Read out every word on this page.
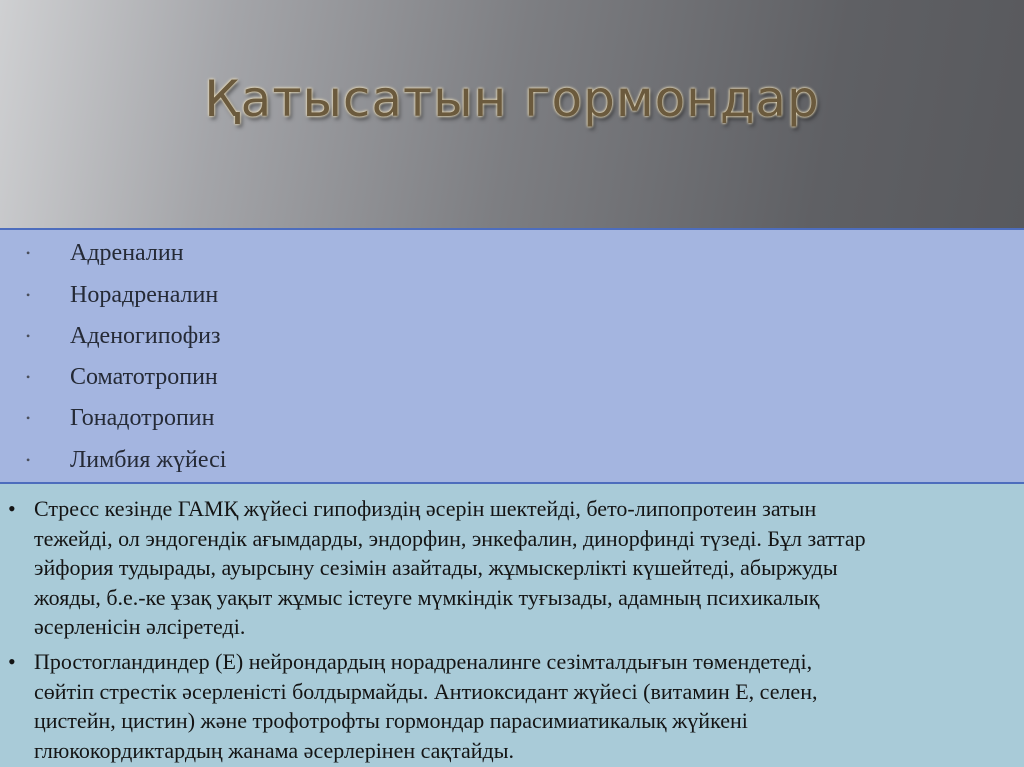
Қатысатын гормондар
• Адреналин
• Норадреналин
• Аденогипофиз
• Соматотропин
• Гонадотропин
• Лимбия жүйесі
• Стресс кезінде ГАМҚ жүйесі гипофиздің әсерін шектейді, бето-липопротеин затын
тежейді, ол эндогендік ағымдарды, эндорфин, энкефалин, динорфинді түзеді. Бұл заттар
эйфория тудырады, ауырсыну сезімін азайтады, жұмыскерлікті күшейтеді, абыржуды
жояды, б.е.-ке ұзақ уақыт жұмыс істеуге мүмкіндік туғызады, адамның психикалық
әсерленісін әлсіретеді.

• Простогландиндер (Е) нейрондардың норадреналинге сезімталдығын төмендетеді,
сөйтіп стрестік әсерленісті болдырмайды. Антиоксидант жүйесі (витамин Е, селен,
цистейн, цистин) және трофотрофты гормондар парасимиатикалық жүйкені
глюкокордиктардың жанама әсерлерінен сақтайды.
